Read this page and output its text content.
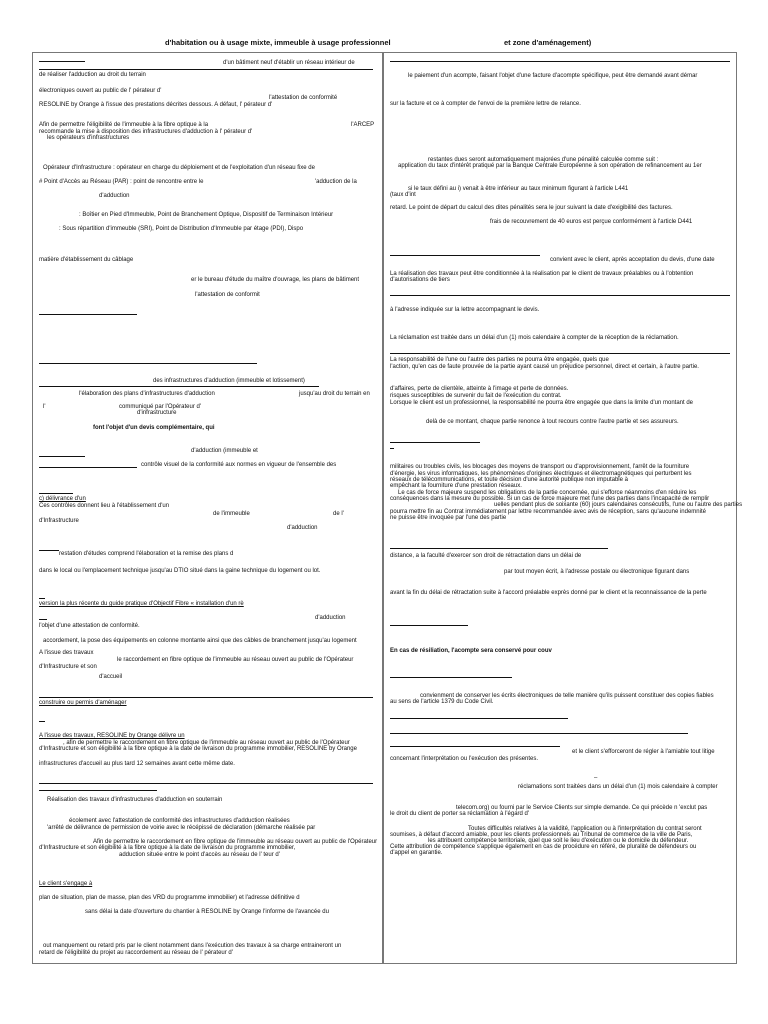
d'habitation ou à usage mixte, immeuble à usage professionnel	et zone d'aménagement)
d'un bâtiment neuf d'établir un réseau intérieur de
de réaliser l'adduction au droit du terrain
électroniques ouvert au public de l' pérateur d'
l'attestation de conformité
RESOLINE by Orange à l'issue des prestations décrites dessous. A défaut, l' pérateur d'
Afin de permettre l'éligibilité de l'immeuble à la fibre optique à la	l'ARCEP
recommande la mise à disposition des infrastructures d'adduction à l' pérateur d'
les opérateurs d'infrastructures
Opérateur d'Infrastructure : opérateur en charge du déploiement et de l'exploitation d'un réseau fixe de
# Point d'Accès au Réseau (PAR) : point de rencontre entre le	'adduction de la
d'adduction
: Boîtier en Pied d'Immeuble, Point de Branchement Optique, Dispositif de Terminaison Intérieur
: Sous répartition d'immeuble (SRI), Point de Distribution d'Immeuble par étage (PDI), Dispo
matière d'établissement du câblage
er le bureau d'étude du maître d'ouvrage, les plans de bâtiment
l'attestation de conformit
des infrastructures d'adduction (immeuble et lotissement)
l'élaboration des plans d'infrastructures d'adduction	jusqu'au droit du terrain en
l'	communiqué par l'Opérateur d'
d'infrastructure
font l'objet d'un devis complémentaire, qui
d'adduction (immeuble et
contrôle visuel de la conformité aux normes en vigueur de l'ensemble des
c) délivrance d'un
Ces contrôles donnent lieu à l'établissement d'un
de l'immeuble	de l'
d'Infrastructure
d'adduction
restation d'études comprend l'élaboration et la remise des plans d
dans le local ou l'emplacement technique jusqu'au DTIO situé dans la gaine technique du logement ou lot.
version la plus récente du guide pratique d'Objectif Fibre « installation d'un rè
d'adduction
l'objet d'une attestation de conformité.
accordement, la pose des équipements en colonne montante ainsi que des câbles de branchement jusqu'au logement
A l'issue des travaux
le raccordement en fibre optique de l'immeuble au réseau ouvert au public de l'Opérateur
d'Infrastructure et son
d'accueil
construire ou permis d'aménager
A l'issue des travaux, RESOLINE by Orange délivre un
, afin de permettre le raccordement en fibre optique de l'immeuble au réseau ouvert au public de l'Opérateur
d'Infrastructure et son éligibilité à la fibre optique à la date de livraison du programme immobilier, RESOLINE by Orange
infrastructures d'accueil au plus tard 12 semaines avant cette même date.
Réalisation des travaux d'infrastructures d'adduction en souterrain
écolement avec l'attestation de conformité des infrastructures d'adduction réalisées
'arrêté de délivrance de permission de voirie avec le récépissé de déclaration (démarche réalisée par
Afin de permettre le raccordement en fibre optique de l'immeuble au réseau ouvert au public de l'Opérateur
d'Infrastructure et son éligibilité à la fibre optique à la date de livraison du programme immobilier,
adduction située entre le point d'accès au réseau de l' teur d'
Le client s'engage à
plan de situation, plan de masse, plan des VRD du programme immobilier) et l'adresse définitive d
sans délai la date d'ouverture du chantier à RESOLINE by Orange l'informe de l'avancée du
out manquement ou retard pris par le client notamment dans l'exécution des travaux à sa charge entraineront un
retard de l'éligibilité du projet au raccordement au réseau de l' pérateur d'
le paiement d'un acompte, faisant l'objet d'une facture d'acompte spécifique, peut être demandé avant démar
sur la facture et ce à compter de l'envoi de la première lettre de relance.
restantes dues seront automatiquement majorées d'une pénalité calculée comme suit :
application du taux d'intérêt pratiqué par la Banque Centrale Européenne à son opération de refinancement au 1er
si le taux défini au i) venait à être inférieur au taux minimum figurant à l'article L441
(taux d'int
retard. Le point de départ du calcul des dites pénalités sera le jour suivant la date d'exigibilité des factures.
frais de recouvrement de 40 euros est perçue conformément à l'article D441
convient avec le client, après acceptation du devis, d'une date
La réalisation des travaux peut être conditionnée à la réalisation par le client de travaux préalables ou à l'obtention
d'autorisations de tiers
à l'adresse indiquée sur la lettre accompagnant le devis.
La réclamation est traitée dans un délai d'un (1) mois calendaire à compter de la réception de la réclamation.
La responsabilité de l'une ou l'autre des parties ne pourra être engagée, quels que
l'action, qu'en cas de faute prouvée de la partie ayant causé un préjudice personnel, direct et certain, à l'autre partie.
d'affaires, perte de clientèle, atteinte à l'image et perte de données.
risques susceptibles de survenir du fait de l'exécution du contrat.
Lorsque le client est un professionnel, la responsabilité ne pourra être engagée que dans la limite d'un montant de
delà de ce montant, chaque partie renonce à tout recours contre l'autre partie et ses assureurs.
militaires ou troubles civils, les blocages des moyens de transport ou d'approvisionnement, l'arrêt de la fourniture
d'énergie, les virus informatiques, les phénomènes d'origines électriques et électromagnétiques qui perturbent les
réseaux de télécommunications, et toute décision d'une autorité publique non imputable à
empêchant la fourniture d'une prestation réseaux.
Le cas de force majeure suspend les obligations de la partie concernée, qui s'efforce néanmoins d'en réduire les
conséquences dans la mesure du possible. Si un cas de force majeure met l'une des parties dans l'incapacité de remplir
uelles pendant plus de soixante (60) jours calendaires consécutifs, l'une ou l'autre des parties
pourra mettre fin au Contrat immédiatement par lettre recommandée avec avis de réception, sans qu'aucune indemnité
ne puisse être invoquée par l'une des partie
distance, a la faculté d'exercer son droit de rétractation dans un délai de
par tout moyen écrit, à l'adresse postale ou électronique figurant dans
avant la fin du délai de rétractation suite à l'accord préalable exprès donné par le client et la reconnaissance de la perte
En cas de résiliation, l'acompte sera conservé pour couv
convienment de conserver les écrits électroniques de telle manière qu'ils puissent constituer des copies fiables
au sens de l'article 1379 du Code Civil.
et le client s'efforceront de régler à l'amiable tout litige
concernant l'interprétation ou l'exécution des présentes.
–
réclamations sont traitées dans un délai d'un (1) mois calendaire à compter
telecom.org) ou fourni par le Service Clients sur simple demande. Ce qui précède n 'exclut pas
le droit du client de porter sa réclamation à l'égard d'
Toutes difficultés relatives à la validité, l'application ou à l'interprétation du contrat seront
soumises, à défaut d'accord amiable, pour les clients professionnels au Tribunal de commerce de la ville de Paris,
les attribuent compétence territoriale, quel que soit le lieu d'exécution ou le domicile du défendeur.
Cette attribution de compétence s'applique également en cas de procédure en référé, de pluralité de défendeurs ou
d'appel en garantie.
